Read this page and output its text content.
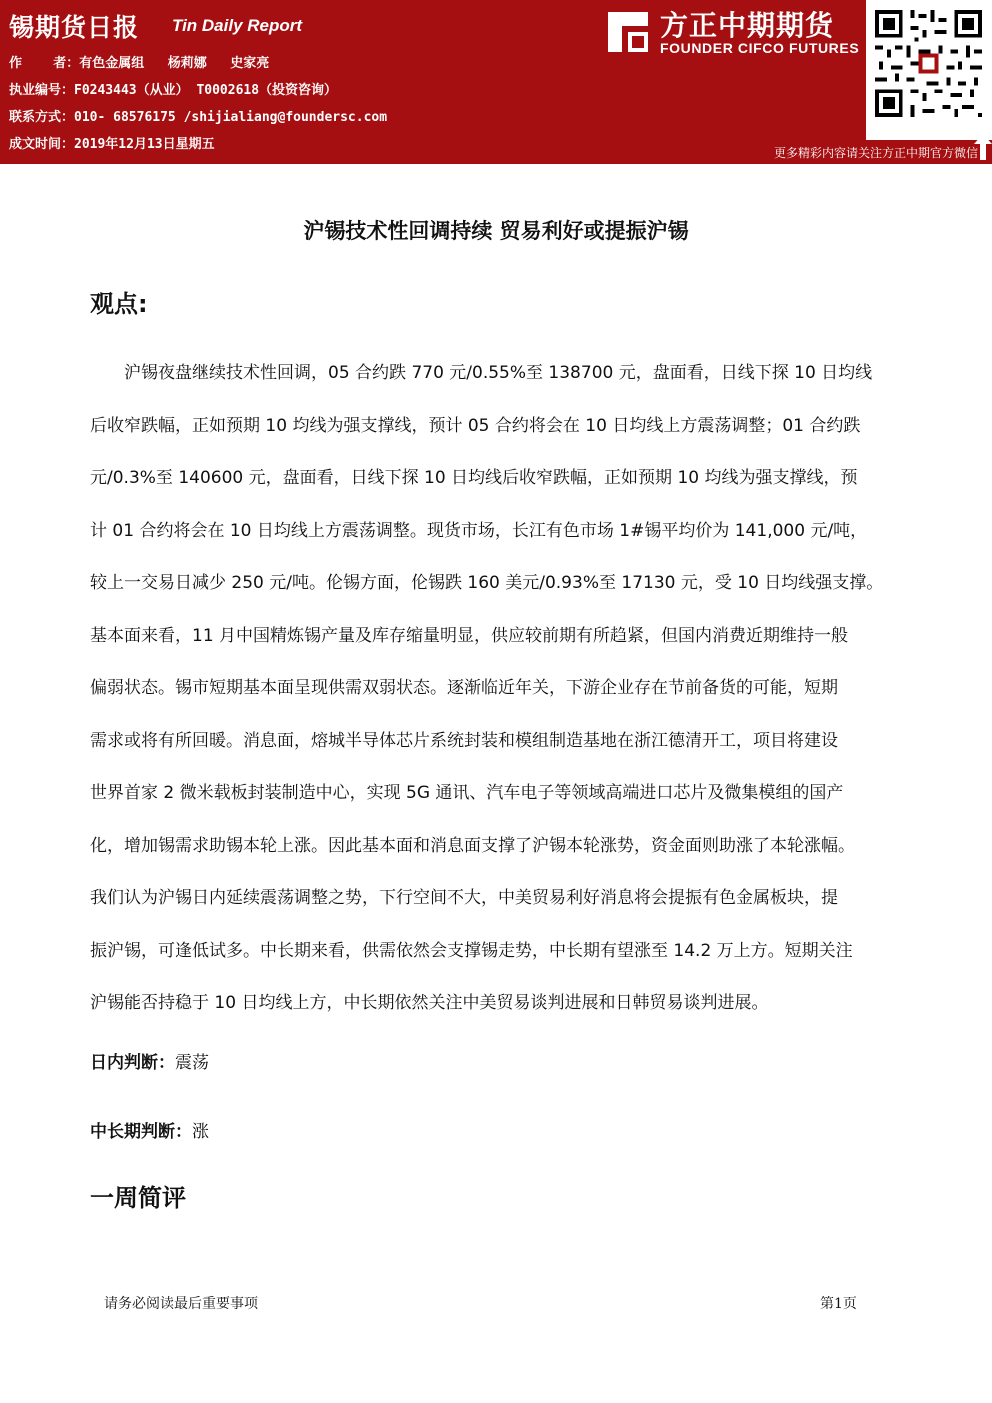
锡期货日报 Tin Daily Report
作    者：有色金属组   杨莉娜   史家亮
执业编号：F0243443（从业） T0002618（投资咨询）
联系方式：010- 68576175 /shijialiang@foundersc.com
成文时间：2019年12月13日星期五
方正中期期货
FOUNDER CIFCO FUTURES
更多精彩内容请关注方正中期官方微信
沪锡技术性回调持续 贸易利好或提振沪锡
观点:
　　沪锡夜盘继续技术性回调，05 合约跌 770 元/0.55%至 138700 元，盘面看，日线下探 10 日均线
后收窄跌幅，正如预期 10 均线为强支撑线，预计 05 合约将会在 10 日均线上方震荡调整；01 合约跌
元/0.3%至 140600 元，盘面看，日线下探 10 日均线后收窄跌幅，正如预期 10 均线为强支撑线，预
计 01 合约将会在 10 日均线上方震荡调整。现货市场，长江有色市场 1#锡平均价为 141,000 元/吨，
较上一交易日减少 250 元/吨。伦锡方面，伦锡跌 160 美元/0.93%至 17130 元，受 10 日均线强支撑。
基本面来看，11 月中国精炼锡产量及库存缩量明显，供应较前期有所趋紧，但国内消费近期维持一般
偏弱状态。锡市短期基本面呈现供需双弱状态。逐渐临近年关，下游企业存在节前备货的可能，短期
需求或将有所回暖。消息面，熔城半导体芯片系统封装和模组制造基地在浙江德清开工，项目将建设
世界首家 2 微米载板封装制造中心，实现 5G 通讯、汽车电子等领域高端进口芯片及微集模组的国产
化，增加锡需求助锡本轮上涨。因此基本面和消息面支撑了沪锡本轮涨势，资金面则助涨了本轮涨幅。
我们认为沪锡日内延续震荡调整之势，下行空间不大，中美贸易利好消息将会提振有色金属板块，提
振沪锡，可逢低试多。中长期来看，供需依然会支撑锡走势，中长期有望涨至 14.2 万上方。短期关注
沪锡能否持稳于 10 日均线上方，中长期依然关注中美贸易谈判进展和日韩贸易谈判进展。
日内判断：震荡
中长期判断：涨
一周简评
请务必阅读最后重要事项	第1页
